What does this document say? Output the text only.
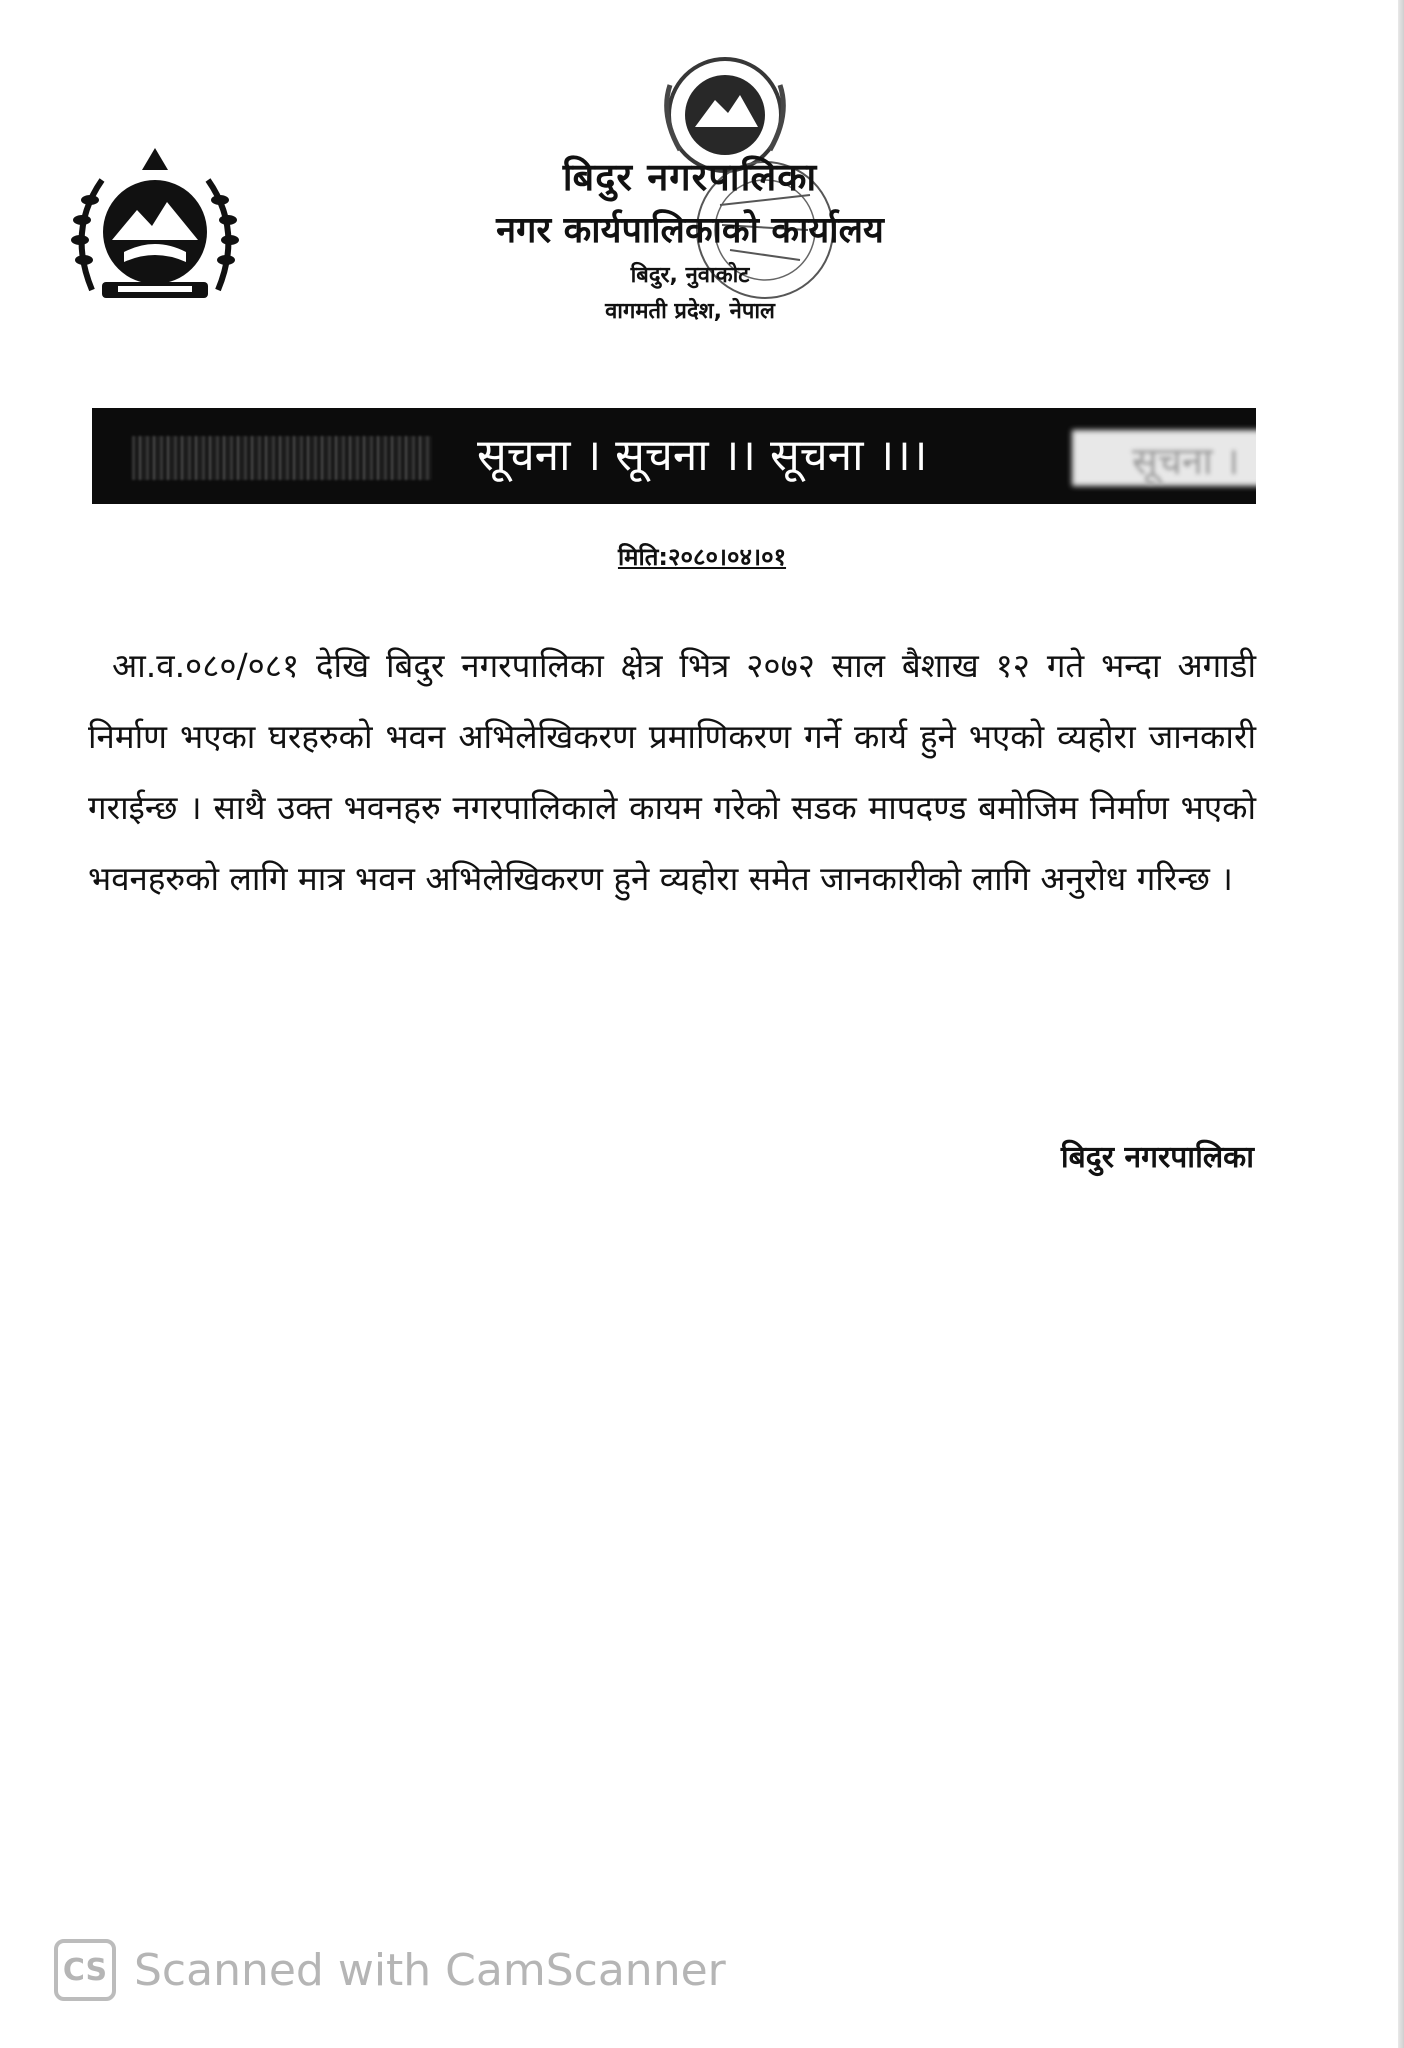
बिदुर नगरपालिका
नगर कार्यपालिकाको कार्यालय
बिदुर, नुवाकोट
वागमती प्रदेश, नेपाल
सूचना । सूचना ।। सूचना ।।।	सूचना ।
मिति:२०८०।०४।०१
आ.व.०८०/०८१ देखि बिदुर नगरपालिका क्षेत्र भित्र २०७२ साल बैशाख १२ गते भन्दा अगाडी निर्माण भएका घरहरुको भवन अभिलेखिकरण प्रमाणिकरण गर्ने कार्य हुने भएको व्यहोरा जानकारी गराईन्छ । साथै उक्त भवनहरु नगरपालिकाले कायम गरेको सडक मापदण्ड बमोजिम निर्माण भएको भवनहरुको लागि मात्र भवन अभिलेखिकरण हुने व्यहोरा समेत जानकारीको लागि अनुरोध गरिन्छ ।
बिदुर नगरपालिका
CS Scanned with CamScanner
